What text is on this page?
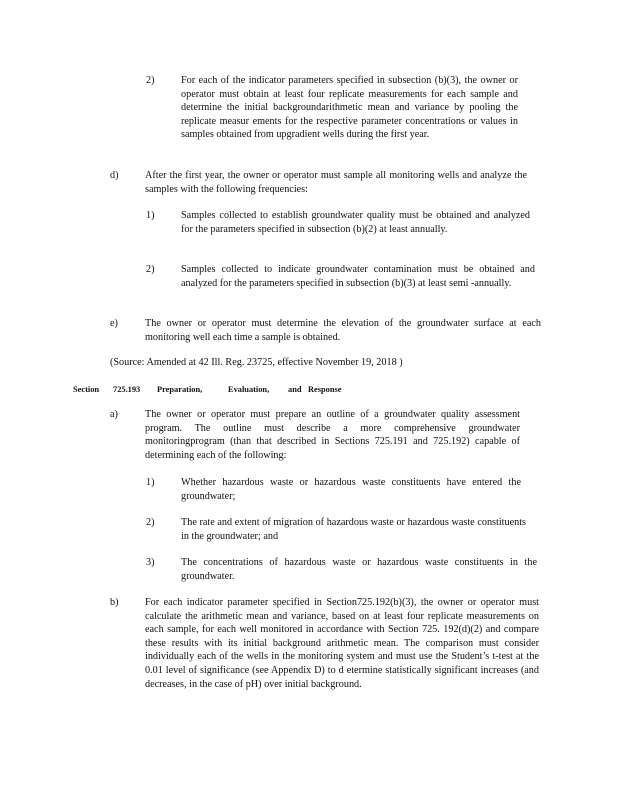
2)	For each of the indicator parameters specified in subsection (b)(3), the owner or operator must obtain at least four replicate measurements for each sample and determine the initial backgroundarithmetic mean and variance by pooling the replicate measur ements for the respective parameter concentrations or values in samples obtained from upgradient wells during the first year.
d)	After the first year, the owner or operator must sample all monitoring wells and analyze the samples with the following frequencies:
1)	Samples collected to establish groundwater quality must be obtained and analyzed for the parameters specified in subsection (b)(2) at least annually.
2)	Samples collected to indicate groundwater contamination must be obtained and analyzed for the parameters specified in subsection (b)(3) at least semi -annually.
e)	The owner or operator must determine the elevation of the groundwater surface at each monitoring well each time a sample is obtained.
(Source: Amended at 42 Ill. Reg. 23725, effective November 19, 2018 )
Section 725.193 Preparation,	Evaluation, and Response
a)	The owner or operator must prepare an outline of a groundwater quality assessment program. The outline must describe a more comprehensive groundwater monitoringprogram (than that described in Sections 725.191 and 725.192) capable of determining each of the following:
1)	Whether hazardous waste or hazardous waste constituents have entered the groundwater;
2)	The rate and extent of migration of hazardous waste or hazardous waste constituents in the groundwater; and
3)	The concentrations of hazardous waste or hazardous waste constituents in the groundwater.
b)	For each indicator parameter specified in Section725.192(b)(3), the owner or operator must calculate the arithmetic mean and variance, based on at least four replicate measurements on each sample, for each well monitored in accordance with Section 725. 192(d)(2) and compare these results with its initial background arithmetic mean. The comparison must consider individually each of the wells in the monitoring system and must use the Student’s t-test at the 0.01 level of significance (see Appendix D) to d etermine statistically significant increases (and decreases, in the case of pH) over initial background.
